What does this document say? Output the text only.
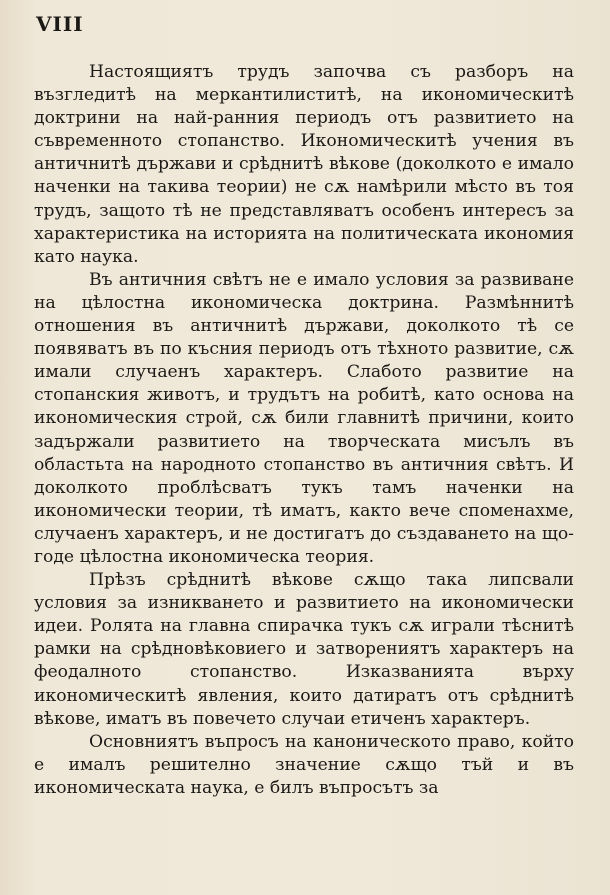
VIII

Настоящиятъ трудъ започва съ разборъ на възгледитѣ на меркантилиститѣ, на икономическитѣ доктрини на най-ранния периодъ отъ развитието на съвременното стопанство. Икономическитѣ учения въ античнитѣ държави и срѣднитѣ вѣкове (доколкото е имало наченки на такива теории) не сѫ намѣрили мѣсто въ тоя трудъ, защото тѣ не представляватъ особенъ интересъ за характеристика на историята на политическата икономия като наука.

Въ античния свѣтъ не е имало условия за развиване на цѣлостна икономическа доктрина. Размѣннитѣ отношения въ античнитѣ държави, доколкото тѣ се появяватъ въ по късния периодъ отъ тѣхното развитие, сѫ имали случаенъ характеръ. Слабото развитие на стопанския животъ, и трудътъ на робитѣ, като основа на икономическия строй, сѫ били главнитѣ причини, които задържали развитието на творческата мисълъ въ областьта на народното стопанство въ античния свѣтъ. И доколкото проблѣсватъ тукъ тамъ наченки на икономически теории, тѣ иматъ, както вече споменахме, случаенъ характеръ, и не достигатъ до създаването на що-годе цѣлостна икономическа теория.

Прѣзъ срѣднитѣ вѣкове сѫщо така липсвали условия за изникването и развитието на икономически идеи. Ролята на главна спирачка тукъ сѫ играли тѣснитѣ рамки на срѣдновѣковиего и затворениятъ характеръ на феодалното стопанство. Изказванията върху икономическитѣ явления, които датиратъ отъ срѣднитѣ вѣкове, иматъ въ повечето случаи етиченъ характеръ.

Основниятъ въпросъ на каноническото право, който е ималъ решително значение сѫщо тъй и въ икономическата наука, е билъ въпросътъ за
